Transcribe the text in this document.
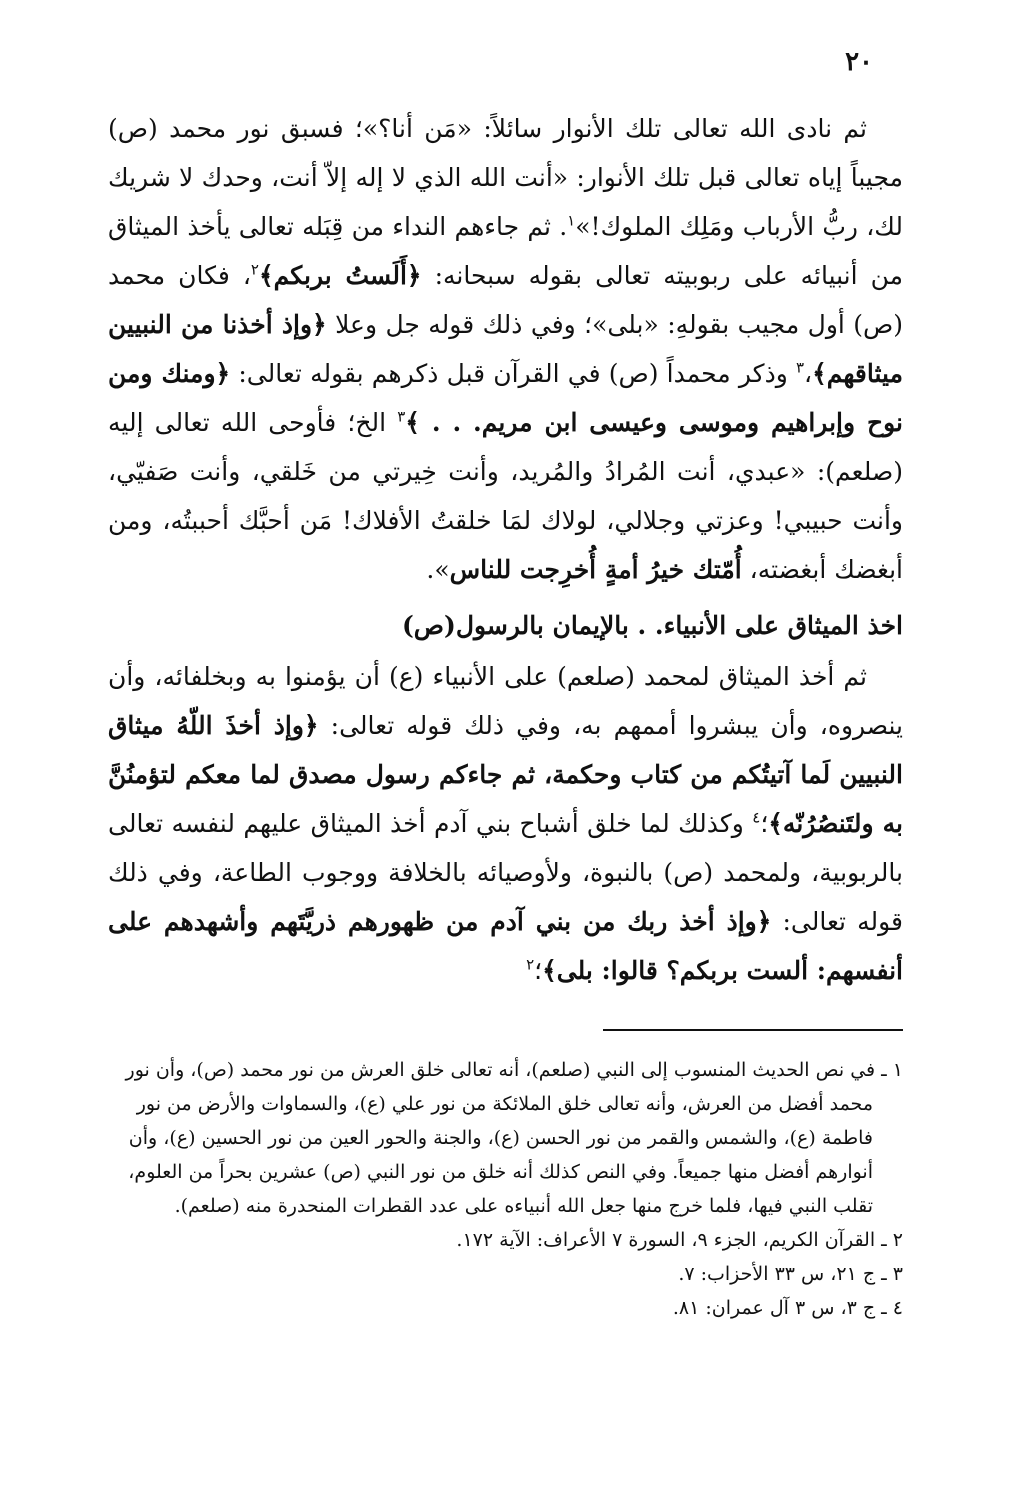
٢٠

ثم نادى الله تعالى تلك الأنوار سائلاً: «مَن أنا؟»؛ فسبق نور محمد (ص) مجيباً إياه تعالى قبل تلك الأنوار: «أنت الله الذي لا إله إلاّ أنت، وحدك لا شريك لك، ربُّ الأرباب ومَلِك الملوك!»$^١$. ثم جاءهم النداء من قِبَله تعالى يأخذ الميثاق من أنبيائه على ربوبيته تعالى بقوله سبحانه: ﴿أَلَستُ بربكم﴾$^٢$، فكان محمد (ص) أول مجيب بقولهِ: «بلى»؛ وفي ذلك قوله جل وعلا ﴿وإذ أخذنا من النبيين ميثاقهم﴾،$^٣$ وذكر محمداً (ص) في القرآن قبل ذكرهم بقوله تعالى: ﴿ومنك ومن نوح وإبراهيم وموسى وعيسى ابن مريم. . . ﴾$^٣$ الخ؛ فأوحى الله تعالى إليه (صلعم): «عبدي، أنت المُرادُ والمُريد، وأنت خِيرتي من خَلقي، وأنت صَفيّي، وأنت حبيبي! وعزتي وجلالي، لولاك لمَا خلقتُ الأفلاك! مَن أحبَّك أحببتُه، ومن أبغضك أبغضته، أُمّتك خيرُ أمةٍ أُخرِجت للناس».

اخذ الميثاق على الأنبياء. . بالإيمان بالرسول(ص)

ثم أخذ الميثاق لمحمد (صلعم) على الأنبياء (ع) أن يؤمنوا به وبخلفائه، وأن ينصروه، وأن يبشروا أممهم به، وفي ذلك قوله تعالى: ﴿وإذ أخذَ اللّهُ ميثاق النبيين لَما آتيتُكم من كتاب وحكمة، ثم جاءكم رسول مصدق لما معكم لتؤمنُنَّ به ولتَنصُرُنّه﴾؛$^٤$ وكذلك لما خلق أشباح بني آدم أخذ الميثاق عليهم لنفسه تعالى بالربوبية، ولمحمد (ص) بالنبوة، ولأوصيائه بالخلافة ووجوب الطاعة، وفي ذلك قوله تعالى: ﴿وإذ أخذ ربك من بني آدم من ظهورهم ذريَّتَهم وأشهدهم على أنفسهم: ألست بربكم؟ قالوا: بلى﴾؛$^٢$

١ ـ في نص الحديث المنسوب إلى النبي (صلعم)، أنه تعالى خلق العرش من نور محمد (ص)، وأن نور محمد أفضل من العرش، وأنه تعالى خلق الملائكة من نور علي (ع)، والسماوات والأرض من نور فاطمة (ع)، والشمس والقمر من نور الحسن (ع)، والجنة والحور العين من نور الحسين (ع)، وأن أنوارهم أفضل منها جميعاً. وفي النص كذلك أنه خلق من نور النبي (ص) عشرين بحراً من العلوم، تقلب النبي فيها، فلما خرج منها جعل الله أنبياءه على عدد القطرات المنحدرة منه (صلعم).

٢ ـ القرآن الكريم، الجزء ٩، السورة ٧ الأعراف: الآية ١٧٢.

٣ ـ ج ٢١، س ٣٣ الأحزاب: ٧.

٤ ـ ج ٣، س ٣ آل عمران: ٨١.
